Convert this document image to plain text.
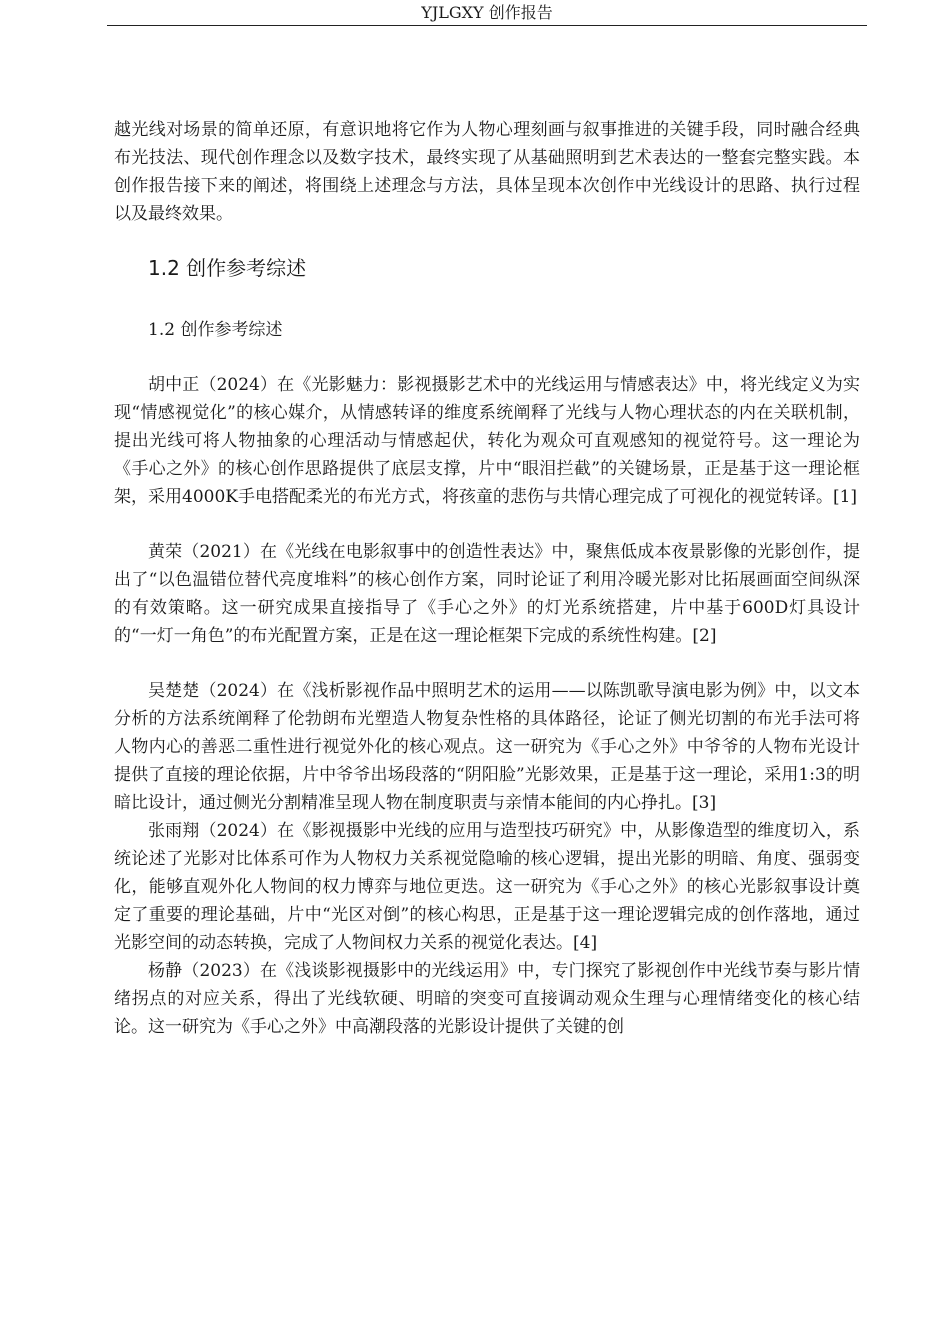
YJLGXY 创作报告

越光线对场景的简单还原，有意识地将它作为人物心理刻画与叙事推进的关键手段，同时融合经典布光技法、现代创作理念以及数字技术，最终实现了从基础照明到艺术表达的一整套完整实践。本创作报告接下来的阐述，将围绕上述理念与方法，具体呈现本次创作中光线设计的思路、执行过程以及最终效果。

1.2 创作参考综述

1.2 创作参考综述

胡中正（2024）在《光影魅力：影视摄影艺术中的光线运用与情感表达》中，将光线定义为实现“情感视觉化”的核心媒介，从情感转译的维度系统阐释了光线与人物心理状态的内在关联机制，提出光线可将人物抽象的心理活动与情感起伏，转化为观众可直观感知的视觉符号。这一理论为《手心之外》的核心创作思路提供了底层支撑，片中“眼泪拦截”的关键场景，正是基于这一理论框架，采用4000K手电搭配柔光的布光方式，将孩童的悲伤与共情心理完成了可视化的视觉转译。[1]

黄荣（2021）在《光线在电影叙事中的创造性表达》中，聚焦低成本夜景影像的光影创作，提出了“以色温错位替代亮度堆料”的核心创作方案，同时论证了利用冷暖光影对比拓展画面空间纵深的有效策略。这一研究成果直接指导了《手心之外》的灯光系统搭建，片中基于600D灯具设计的“一灯一角色”的布光配置方案，正是在这一理论框架下完成的系统性构建。[2]

吴楚楚（2024）在《浅析影视作品中照明艺术的运用——以陈凯歌导演电影为例》中，以文本分析的方法系统阐释了伦勃朗布光塑造人物复杂性格的具体路径，论证了侧光切割的布光手法可将人物内心的善恶二重性进行视觉外化的核心观点。这一研究为《手心之外》中爷爷的人物布光设计提供了直接的理论依据，片中爷爷出场段落的“阴阳脸”光影效果，正是基于这一理论，采用1:3的明暗比设计，通过侧光分割精准呈现人物在制度职责与亲情本能间的内心挣扎。[3]

张雨翔（2024）在《影视摄影中光线的应用与造型技巧研究》中，从影像造型的维度切入，系统论述了光影对比体系可作为人物权力关系视觉隐喻的核心逻辑，提出光影的明暗、角度、强弱变化，能够直观外化人物间的权力博弈与地位更迭。这一研究为《手心之外》的核心光影叙事设计奠定了重要的理论基础，片中“光区对倒”的核心构思，正是基于这一理论逻辑完成的创作落地，通过光影空间的动态转换，完成了人物间权力关系的视觉化表达。[4]

杨静（2023）在《浅谈影视摄影中的光线运用》中，专门探究了影视创作中光线节奏与影片情绪拐点的对应关系，得出了光线软硬、明暗的突变可直接调动观众生理与心理情绪变化的核心结论。这一研究为《手心之外》中高潮段落的光影设计提供了关键的创
